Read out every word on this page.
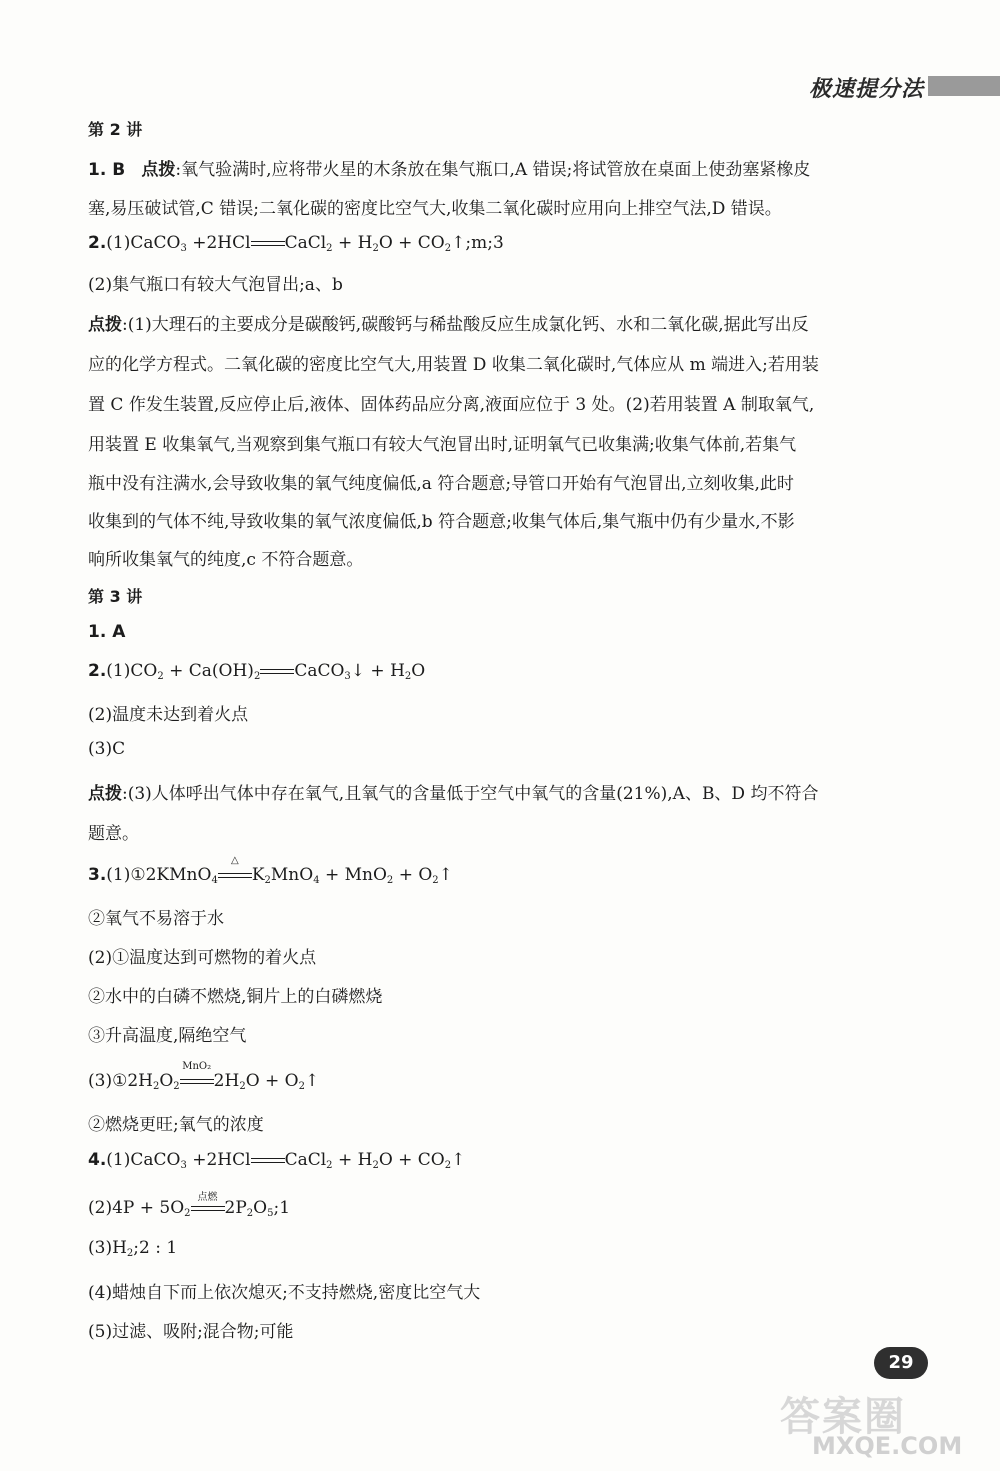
极速提分法
第 2 讲
1. B 点拨:氧气验满时,应将带火星的木条放在集气瓶口,A 错误;将试管放在桌面上使劲塞紧橡皮
塞,易压破试管,C 错误;二氧化碳的密度比空气大,收集二氧化碳时应用向上排空气法,D 错误。
2.(1)CaCO$_3$ +2HCl CaCl$_2$ + $H_2O$ + $CO_2↑;m;3$
(2)集气瓶口有较大气泡冒出;a、b
点拨:(1)大理石的主要成分是碳酸钙,碳酸钙与稀盐酸反应生成氯化钙、水和二氧化碳,据此写出反
应的化学方程式。二氧化碳的密度比空气大,用装置 D 收集二氧化碳时,气体应从 m 端进入;若用装
置 C 作发生装置,反应停止后,液体、固体药品应分离,液面应位于 3 处。(2)若用装置 A 制取氧气,
用装置 E 收集氧气,当观察到集气瓶口有较大气泡冒出时,证明氧气已收集满;收集气体前,若集气
瓶中没有注满水,会导致收集的氧气纯度偏低,a 符合题意;导管口开始有气泡冒出,立刻收集,此时
收集到的气体不纯,导致收集的氧气浓度偏低,b 符合题意;收集气体后,集气瓶中仍有少量水,不影
响所收集氧气的纯度,c 不符合题意。
第 3 讲
1. A
$2.(1)CO_2 + Ca(OH)_2$ CaCO$_3$↓ + $H_2O$
(2)温度未达到着火点
(3)C
点拨:(3)人体呼出气体中存在氧气,且氧气的含量低于空气中氧气的含量(21%),A、B、D 均不符合
题意。
3.(1)①2KMnO$_4$
△
$K_2MnO_4 + MnO_2$ + $O_2↑$
②氧气不易溶于水
(2)①温度达到可燃物的着火点
②水中的白磷不燃烧,铜片上的白磷燃烧
③升高温度,隔绝空气
$(3)①2H_2O_2$
MnO₂
$2H_2O$ + $O_2↑$
②燃烧更旺;氧气的浓度
4.(1)CaCO$_3$ +2HCl CaCl$_2$ + $H_2O$ + $CO_2↑$
$(2)4P + 5O_2$
点燃
$2P_2O_5;1$
$(3)H_2;2$ : 1
(4)蜡烛自下而上依次熄灭;不支持燃烧,密度比空气大
(5)过滤、吸附;混合物;可能
29
答案圈
MXQE.COM
